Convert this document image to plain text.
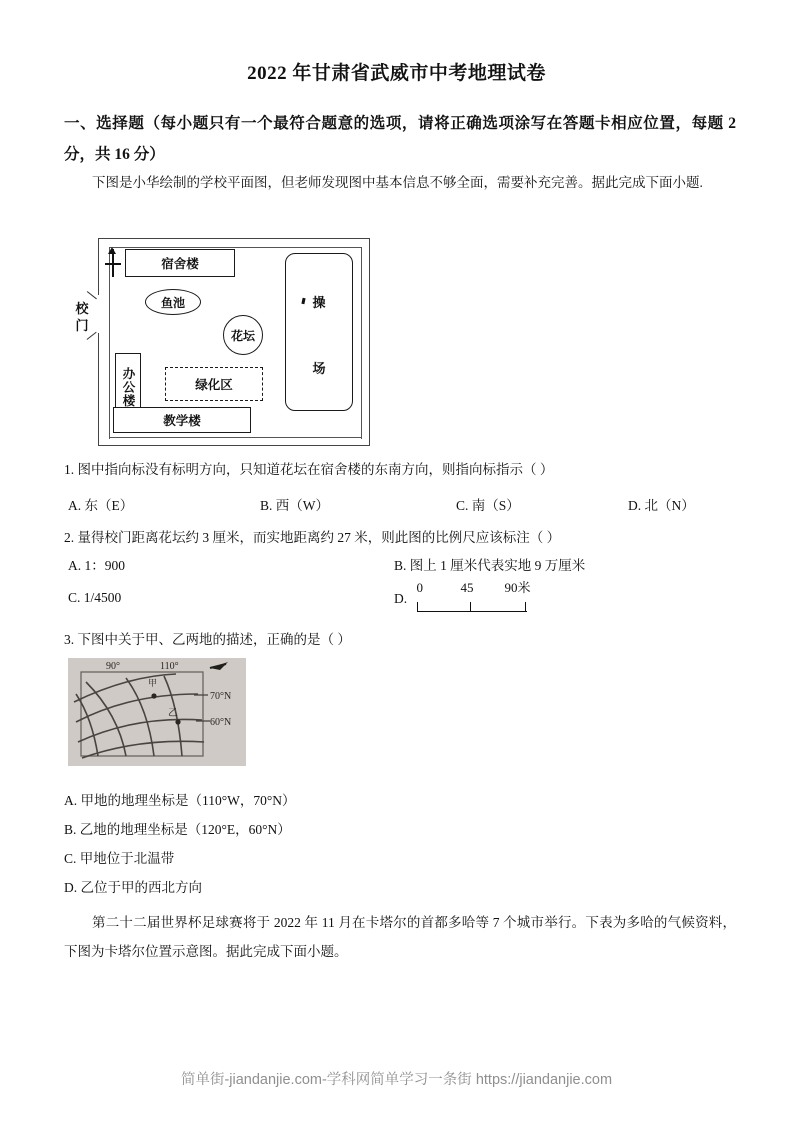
2022 年甘肃省武威市中考地理试卷
一、选择题（每小题只有一个最符合题意的选项，请将正确选项涂写在答题卡相应位置，每题 2 分，共 16 分）
下图是小华绘制的学校平面图，但老师发现图中基本信息不够全面，需要补充完善。据此完成下面小题.
宿舍楼
鱼池
花坛
办公楼	绿化区
教学楼
操
场
校门
1. 图中指向标没有标明方向，只知道花坛在宿舍楼的东南方向，则指向标指示（ ）
A. 东（E）	B. 西（W）	C. 南（S）	D. 北（N）
2. 量得校门距离花坛约 3 厘米，而实地距离约 27 米，则此图的比例尺应该标注（ ）
A. 1：900	B. 图上 1 厘米代表实地 9 万厘米
C. 1/4500	D.
0	45 90米
3. 下图中关于甲、乙两地的描述，正确的是（ ）
90°	110°
70°N
60°N
甲
乙
A. 甲地的地理坐标是（110°W，70°N）
B. 乙地的地理坐标是（120°E，60°N）
C. 甲地位于北温带
D. 乙位于甲的西北方向
第二十二届世界杯足球赛将于 2022 年 11 月在卡塔尔的首都多哈等 7 个城市举行。下表为多哈的气候资料，下图为卡塔尔位置示意图。据此完成下面小题。
简单街-jiandanjie.com-学科网简单学习一条街 https://jiandanjie.com
